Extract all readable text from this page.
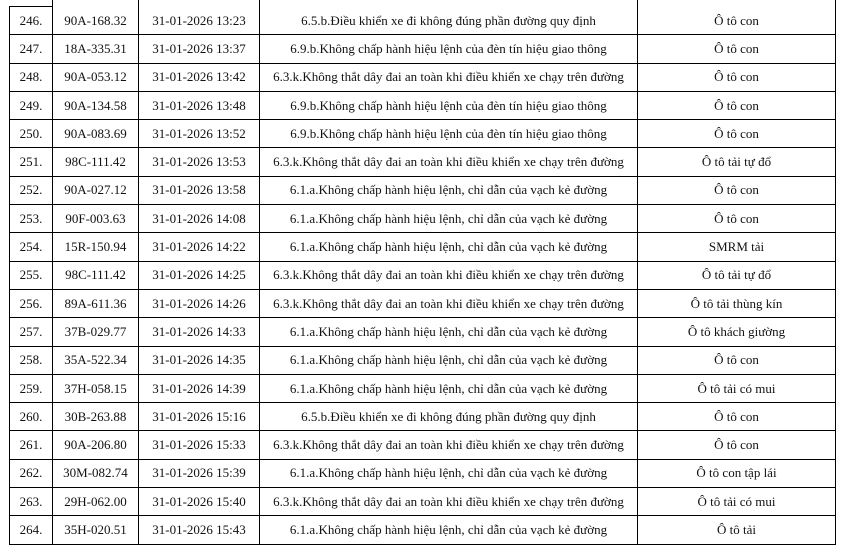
246.	90A-168.32	31-01-2026 13:23	6.5.b.Điều khiển xe đi không đúng phần đường quy định	Ô tô con
247.	18A-335.31	31-01-2026 13:37	6.9.b.Không chấp hành hiệu lệnh của đèn tín hiệu giao thông	Ô tô con
248.	90A-053.12	31-01-2026 13:42	6.3.k.Không thắt dây đai an toàn khi điều khiển xe chạy trên đường	Ô tô con
249.	90A-134.58	31-01-2026 13:48	6.9.b.Không chấp hành hiệu lệnh của đèn tín hiệu giao thông	Ô tô con
250.	90A-083.69	31-01-2026 13:52	6.9.b.Không chấp hành hiệu lệnh của đèn tín hiệu giao thông	Ô tô con
251.	98C-111.42	31-01-2026 13:53	6.3.k.Không thắt dây đai an toàn khi điều khiển xe chạy trên đường	Ô tô tải tự đổ
252.	90A-027.12	31-01-2026 13:58	6.1.a.Không chấp hành hiệu lệnh, chỉ dẫn của vạch kẻ đường	Ô tô con
253.	90F-003.63	31-01-2026 14:08	6.1.a.Không chấp hành hiệu lệnh, chỉ dẫn của vạch kẻ đường	Ô tô con
254.	15R-150.94	31-01-2026 14:22	6.1.a.Không chấp hành hiệu lệnh, chỉ dẫn của vạch kẻ đường	SMRM tải
255.	98C-111.42	31-01-2026 14:25	6.3.k.Không thắt dây đai an toàn khi điều khiển xe chạy trên đường	Ô tô tải tự đổ
256.	89A-611.36	31-01-2026 14:26	6.3.k.Không thắt dây đai an toàn khi điều khiển xe chạy trên đường	Ô tô tải thùng kín
257.	37B-029.77	31-01-2026 14:33	6.1.a.Không chấp hành hiệu lệnh, chỉ dẫn của vạch kẻ đường	Ô tô khách giường
258.	35A-522.34	31-01-2026 14:35	6.1.a.Không chấp hành hiệu lệnh, chỉ dẫn của vạch kẻ đường	Ô tô con
259.	37H-058.15	31-01-2026 14:39	6.1.a.Không chấp hành hiệu lệnh, chỉ dẫn của vạch kẻ đường	Ô tô tải có mui
260.	30B-263.88	31-01-2026 15:16	6.5.b.Điều khiển xe đi không đúng phần đường quy định	Ô tô con
261.	90A-206.80	31-01-2026 15:33	6.3.k.Không thắt dây đai an toàn khi điều khiển xe chạy trên đường	Ô tô con
262.	30M-082.74	31-01-2026 15:39	6.1.a.Không chấp hành hiệu lệnh, chỉ dẫn của vạch kẻ đường	Ô tô con tập lái
263.	29H-062.00	31-01-2026 15:40	6.3.k.Không thắt dây đai an toàn khi điều khiển xe chạy trên đường	Ô tô tải có mui
264.	35H-020.51	31-01-2026 15:43	6.1.a.Không chấp hành hiệu lệnh, chỉ dẫn của vạch kẻ đường	Ô tô tải
